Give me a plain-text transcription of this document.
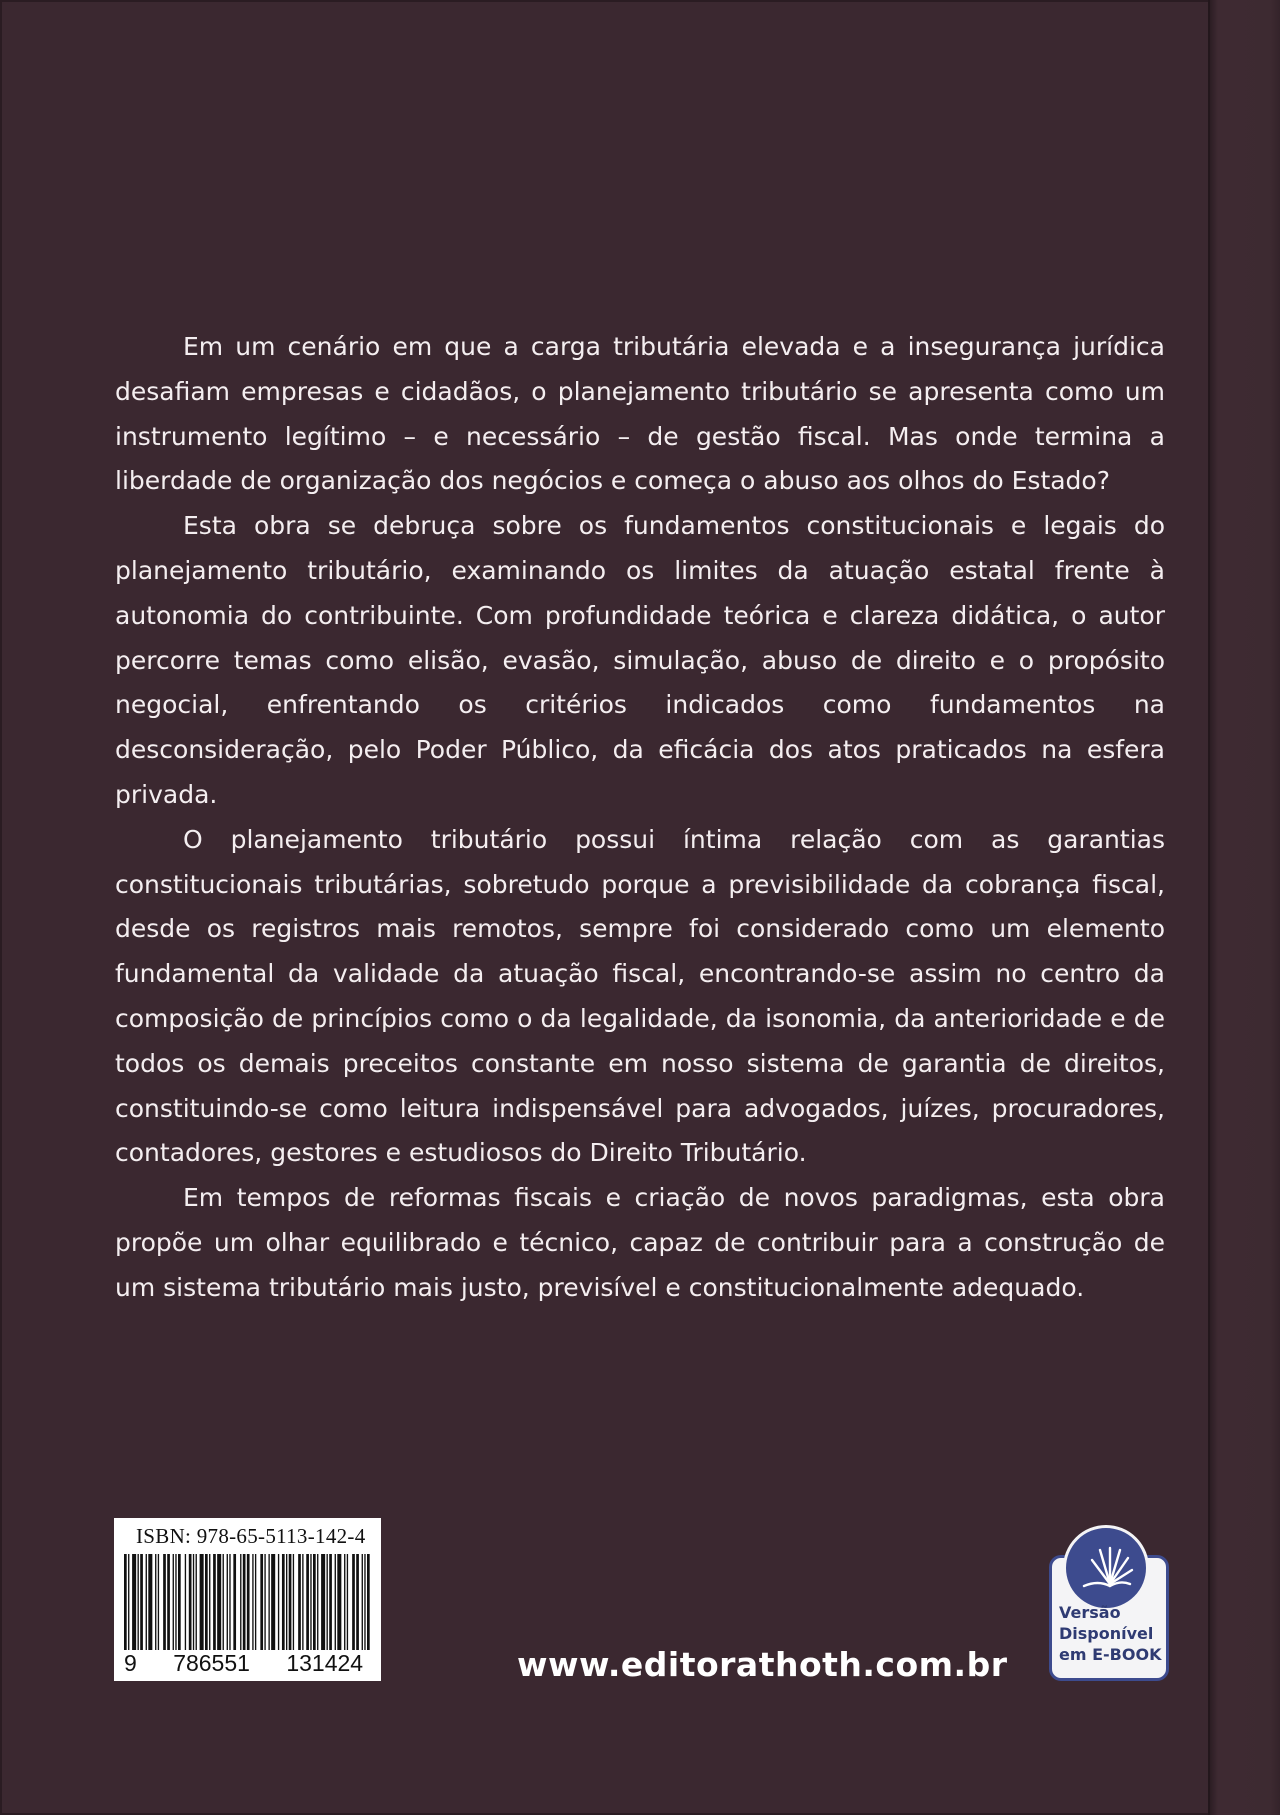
Em um cenário em que a carga tributária elevada e a insegurança jurídica desafiam empresas e cidadãos, o planejamento tributário se apresenta como um instrumento legítimo – e necessário – de gestão fiscal. Mas onde termina a liberdade de organização dos negócios e começa o abuso aos olhos do Estado?

Esta obra se debruça sobre os fundamentos constitucionais e legais do planejamento tributário, examinando os limites da atuação estatal frente à autonomia do contribuinte. Com profundidade teórica e clareza didática, o autor percorre temas como elisão, evasão, simulação, abuso de direito e o propósito negocial, enfrentando os critérios indicados como fundamentos na desconsideração, pelo Poder Público, da eficácia dos atos praticados na esfera privada.

O planejamento tributário possui íntima relação com as garantias constitucionais tributárias, sobretudo porque a previsibilidade da cobrança fiscal, desde os registros mais remotos, sempre foi considerado como um elemento fundamental da validade da atuação fiscal, encontrando-se assim no centro da composição de princípios como o da legalidade, da isonomia, da anterioridade e de todos os demais preceitos constante em nosso sistema de garantia de direitos, constituindo-se como leitura indispensável para advogados, juízes, procuradores, contadores, gestores e estudiosos do Direito Tributário.

Em tempos de reformas fiscais e criação de novos paradigmas, esta obra propõe um olhar equilibrado e técnico, capaz de contribuir para a construção de um sistema tributário mais justo, previsível e constitucionalmente adequado.

ISBN: 978-65-5113-142-4
9 786551 131424	www.editorathoth.com.br
Versão
Disponível
em E-BOOK
